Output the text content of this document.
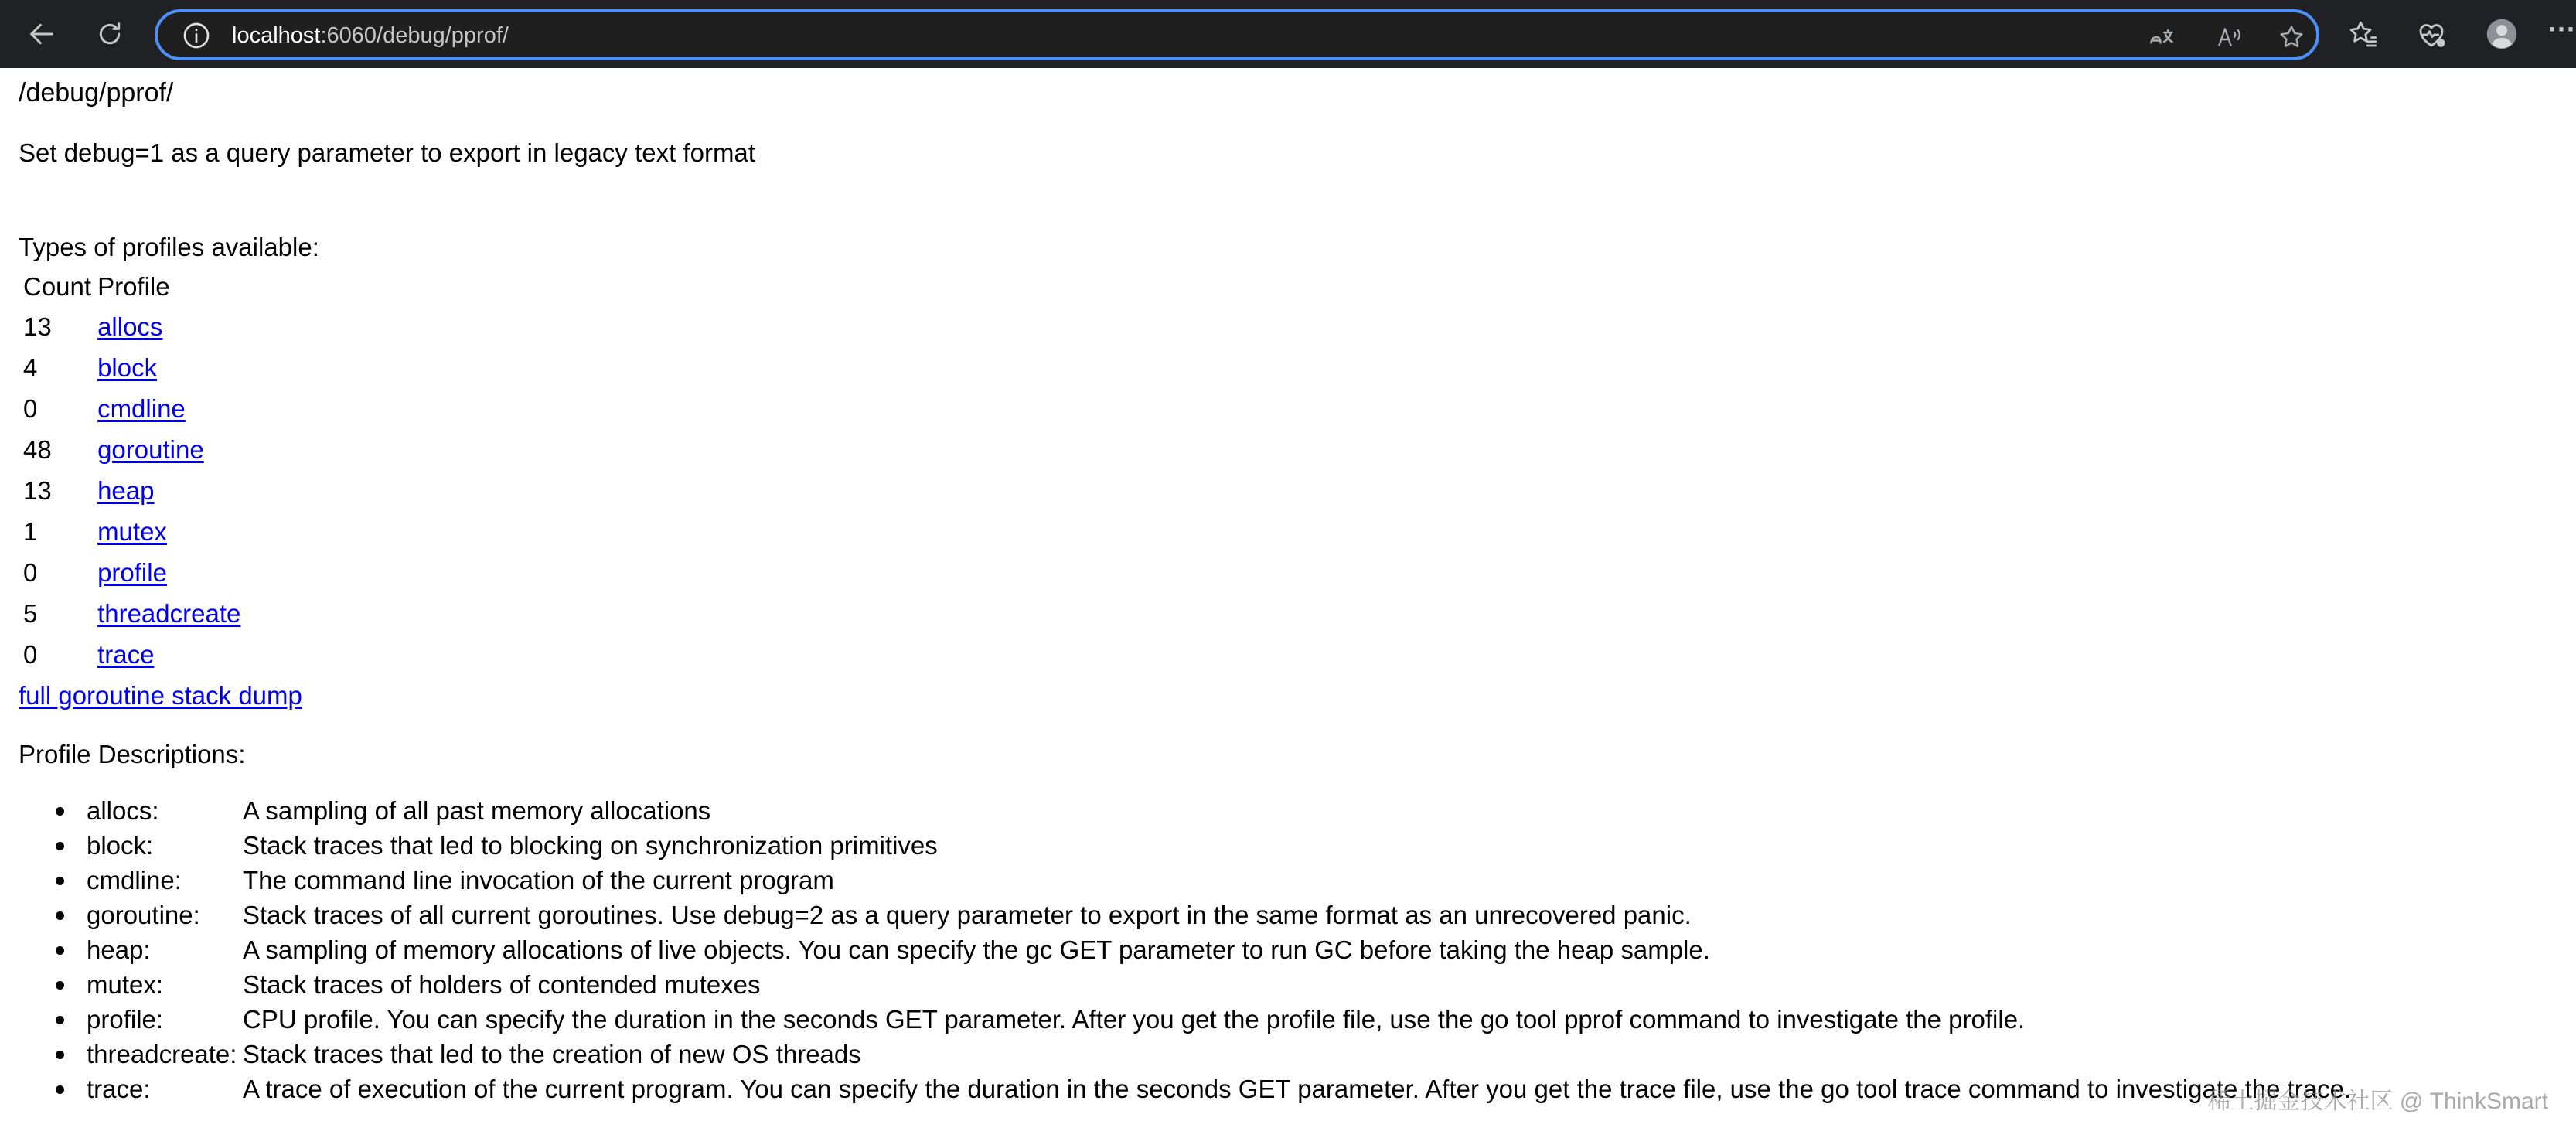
localhost:6060/debug/pprof/	···
/debug/pprof/
Set debug=1 as a query parameter to export in legacy text format
Types of profiles available:
Count	Profile
13	allocs
4	block
0	cmdline
48	goroutine
13	heap
1	mutex
0	profile
5	threadcreate
0	trace
full goroutine stack dump
Profile Descriptions:
allocs:	A sampling of all past memory allocations
block:	Stack traces that led to blocking on synchronization primitives
cmdline: The command line invocation of the current program
goroutine: Stack traces of all current goroutines. Use debug=2 as a query parameter to export in the same format as an unrecovered panic.
heap:	A sampling of memory allocations of live objects. You can specify the gc GET parameter to run GC before taking the heap sample.
mutex:	Stack traces of holders of contended mutexes
profile:	CPU profile. You can specify the duration in the seconds GET parameter. After you get the profile file, use the go tool pprof command to investigate the profile.
threadcreate: Stack traces that led to the creation of new OS threads
trace:	A trace of execution of the current program. You can specify the duration in the seconds GET parameter. After you get the trace file, use the go tool trace command to investigate the trace.
稀土掘金技术社区 @ ThinkSmart
